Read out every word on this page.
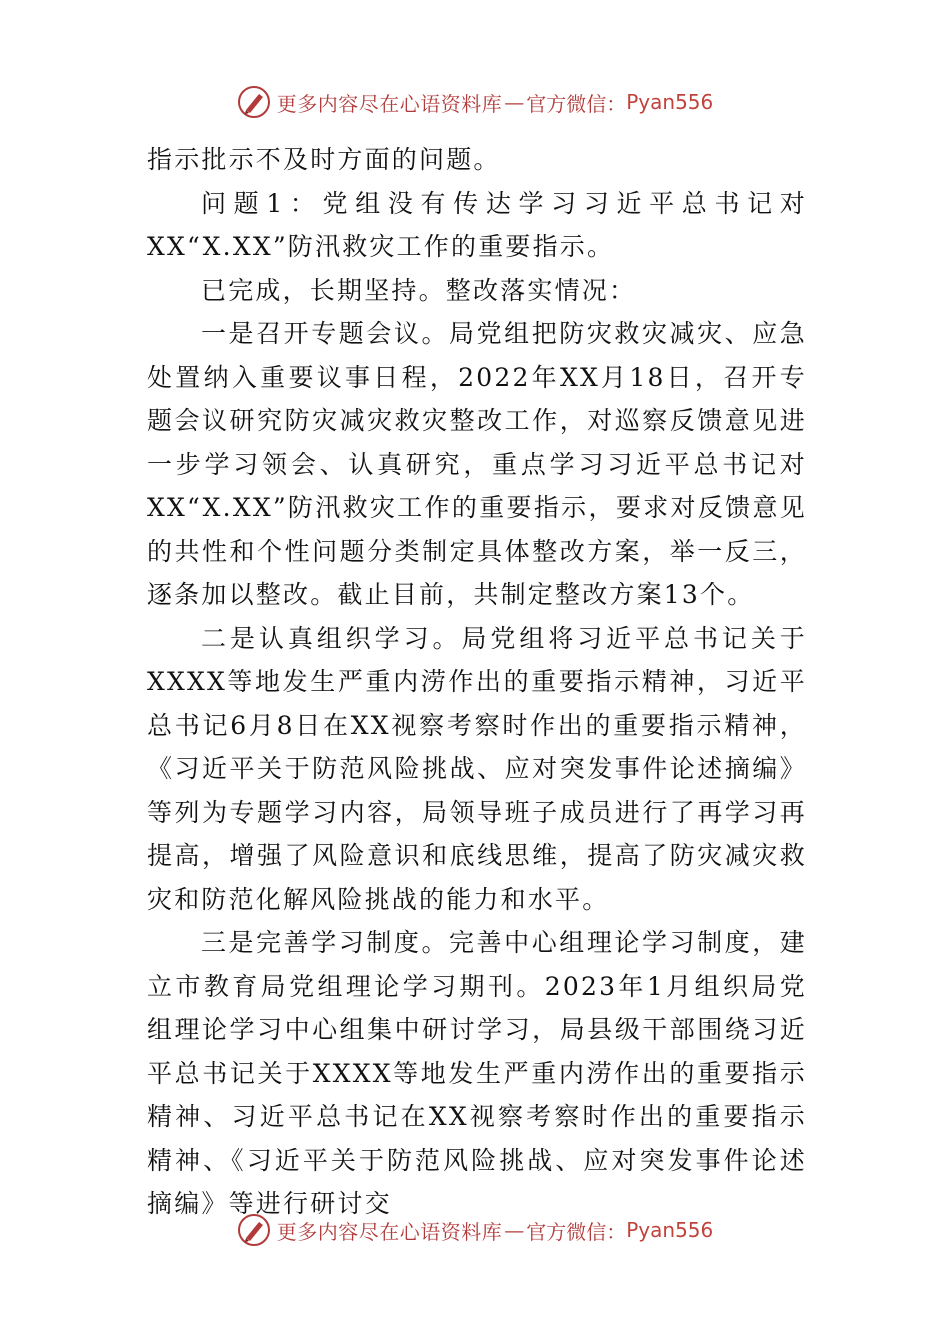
更多内容尽在心语资料库 — 官方微信： Pyan556

指示批示不及时方面的问题。

问题1：党组没有传达学习习近平总书记对XX“X.XX”防汛救灾工作的重要指示。

已完成，长期坚持。整改落实情况：

一是召开专题会议。局党组把防灾救灾减灾、应急处置纳入重要议事日程，2022年XX月18日，召开专题会议研究防灾减灾救灾整改工作，对巡察反馈意见进一步学习领会、认真研究，重点学习习近平总书记对XX“X.XX”防汛救灾工作的重要指示，要求对反馈意见的共性和个性问题分类制定具体整改方案，举一反三，逐条加以整改。截止目前，共制定整改方案13个。

二是认真组织学习。局党组将习近平总书记关于XXXX等地发生严重内涝作出的重要指示精神，习近平总书记6月8日在XX视察考察时作出的重要指示精神，《习近平关于防范风险挑战、应对突发事件论述摘编》等列为专题学习内容，局领导班子成员进行了再学习再提高，增强了风险意识和底线思维，提高了防灾减灾救灾和防范化解风险挑战的能力和水平。

三是完善学习制度。完善中心组理论学习制度，建立市教育局党组理论学习期刊。2023年1月组织局党组理论学习中心组集中研讨学习，局县级干部围绕习近平总书记关于XXXX等地发生严重内涝作出的重要指示精神、习近平总书记在XX视察考察时作出的重要指示精神、《习近平关于防范风险挑战、应对突发事件论述摘编》等进行研讨交

更多内容尽在心语资料库 — 官方微信： Pyan556
